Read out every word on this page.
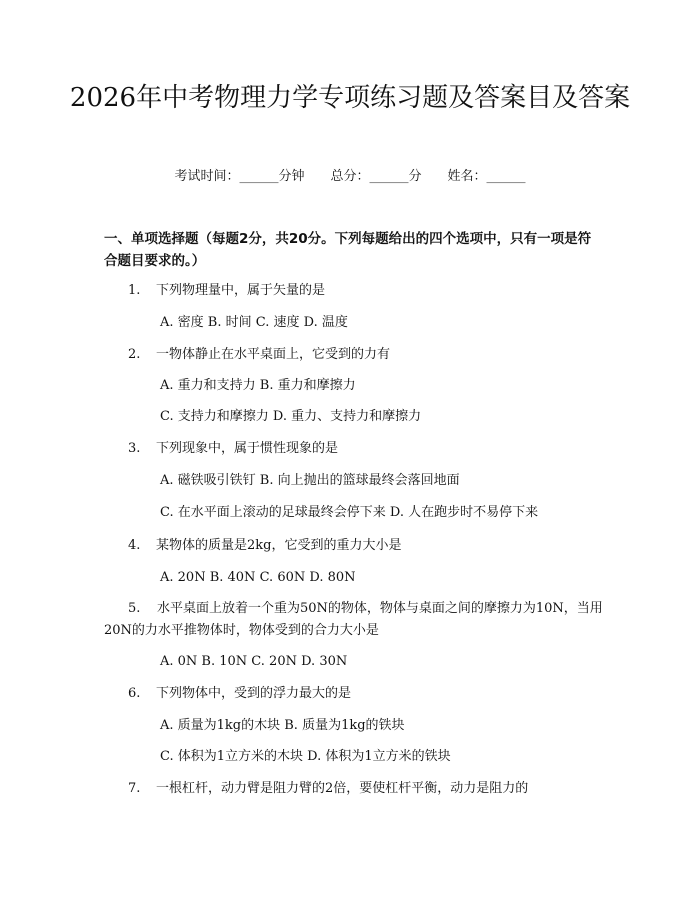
2026年中考物理力学专项练习题及答案目及答案
考试时间：______分钟 总分：______分 姓名：______
一、单项选择题（每题2分，共20分。下列每题给出的四个选项中，只有一项是符合题目要求的。）
1. 下列物理量中，属于矢量的是
A. 密度 B. 时间 C. 速度 D. 温度
2. 一物体静止在水平桌面上，它受到的力有
A. 重力和支持力 B. 重力和摩擦力
C. 支持力和摩擦力 D. 重力、支持力和摩擦力
3. 下列现象中，属于惯性现象的是
A. 磁铁吸引铁钉 B. 向上抛出的篮球最终会落回地面
C. 在水平面上滚动的足球最终会停下来 D. 人在跑步时不易停下来
4. 某物体的质量是2kg，它受到的重力大小是
A. 20N B. 40N C. 60N D. 80N
5. 水平桌面上放着一个重为50N的物体，物体与桌面之间的摩擦力为10N，当用20N的力水平推物体时，物体受到的合力大小是
A. 0N B. 10N C. 20N D. 30N
6. 下列物体中，受到的浮力最大的是
A. 质量为1kg的木块 B. 质量为1kg的铁块
C. 体积为1立方米的木块 D. 体积为1立方米的铁块
7. 一根杠杆，动力臂是阻力臂的2倍，要使杠杆平衡，动力是阻力的
